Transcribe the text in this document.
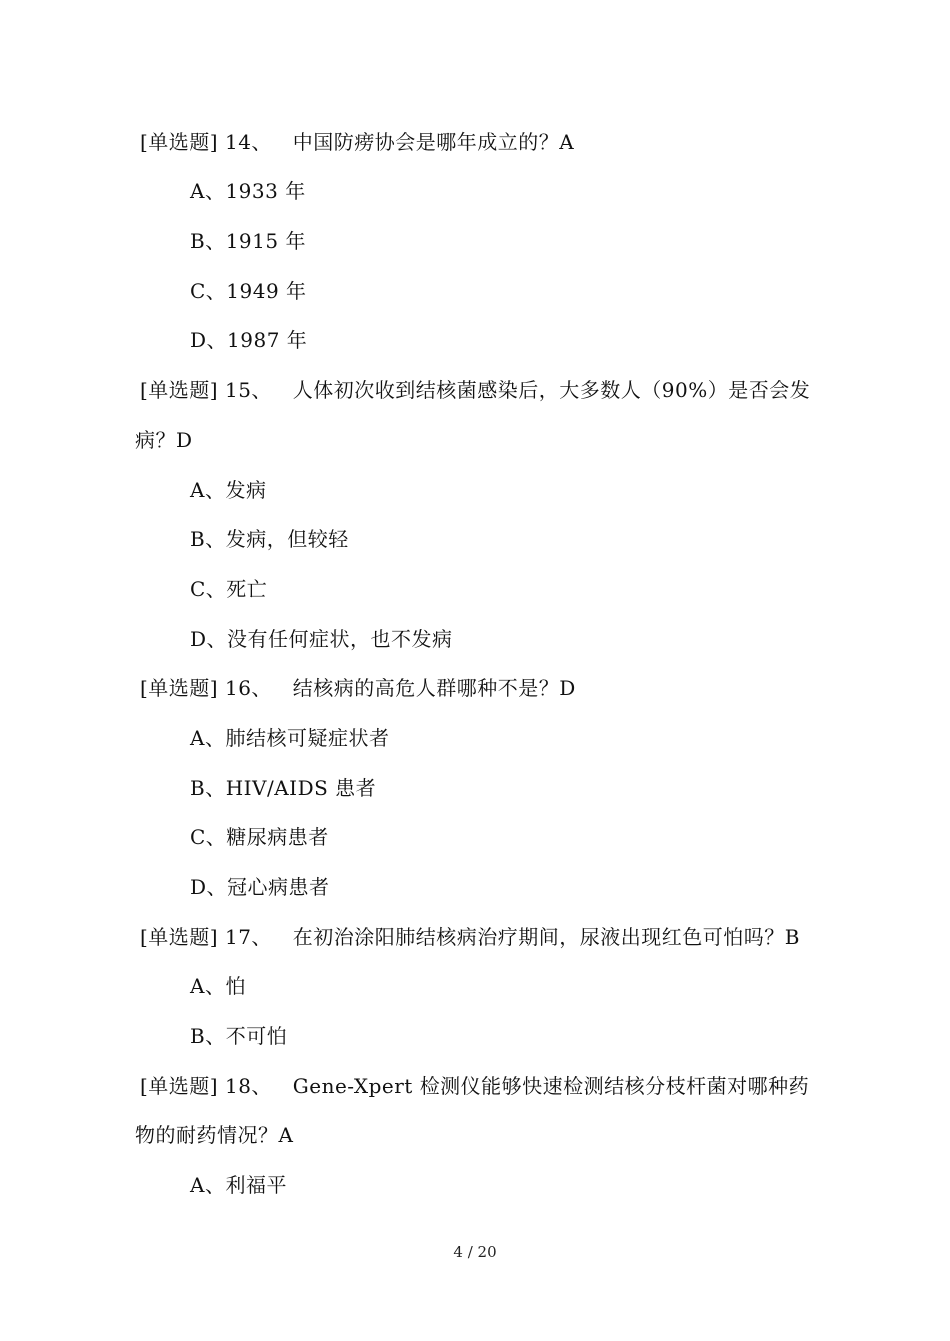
[单选题] 14、 中国防痨协会是哪年成立的？A
A、1933 年
B、1915 年
C、1949 年
D、1987 年
[单选题] 15、 人体初次收到结核菌感染后，大多数人（90%）是否会发
病？D
A、发病
B、发病，但较轻
C、死亡
D、没有任何症状，也不发病
[单选题] 16、 结核病的高危人群哪种不是？D
A、肺结核可疑症状者
B、HIV/AIDS 患者
C、糖尿病患者
D、冠心病患者
[单选题] 17、 在初治涂阳肺结核病治疗期间，尿液出现红色可怕吗？B
A、怕
B、不可怕
[单选题] 18、 Gene-Xpert 检测仪能够快速检测结核分枝杆菌对哪种药
物的耐药情况？A
A、利福平
4 / 20
